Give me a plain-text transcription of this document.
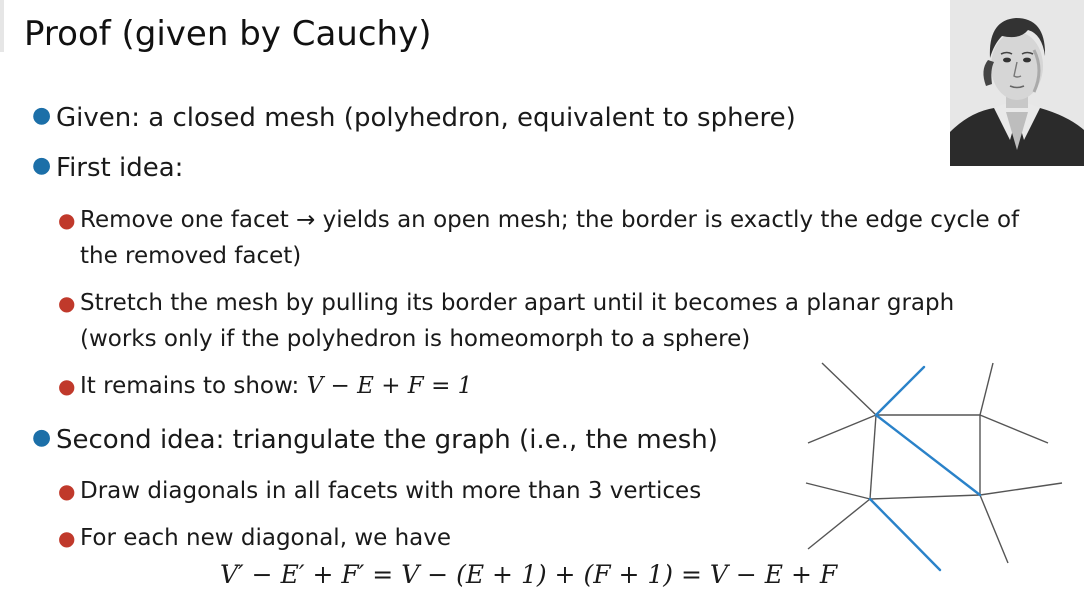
Proof (given by Cauchy)
● Given: a closed mesh (polyhedron, equivalent to sphere)
● First idea:
● Remove one facet → yields an open mesh; the border is exactly the edge cycle of the removed facet)
● Stretch the mesh by pulling its border apart until it becomes a planar graph (works only if the polyhedron is homeomorph to a sphere)
● It remains to show: V − E + F = 1
● Second idea: triangulate the graph (i.e., the mesh)
● Draw diagonals in all facets with more than 3 vertices
● For each new diagonal, we have
V′ − E′ + F′ = V − (E + 1) + (F + 1) = V − E + F
